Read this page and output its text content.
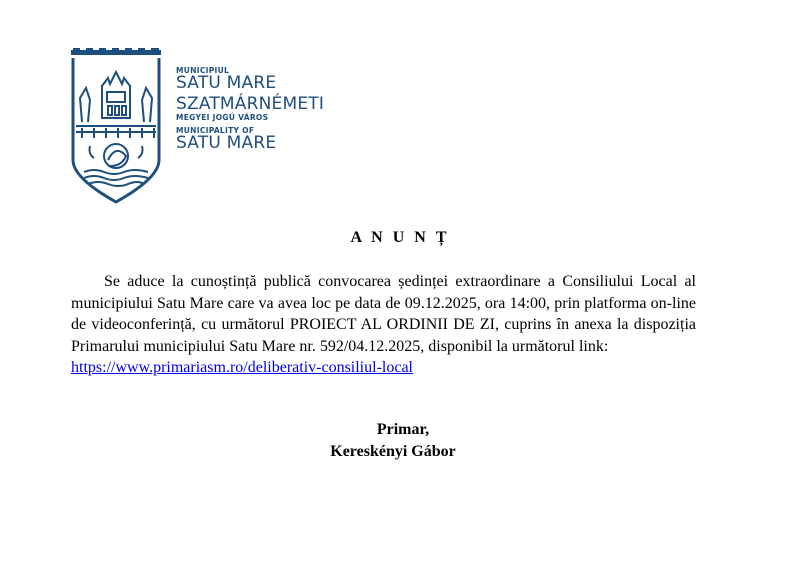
MUNICIPIUL
SATU MARE
SZATMÁRNÉMETI
MEGYEI JOGÚ VÁROS
MUNICIPALITY OF
SATU MARE
A N U N Ț
Se aduce la cunoștință publică convocarea ședinței extraordinare a Consiliului Local al municipiului Satu Mare care va avea loc pe data de 09.12.2025, ora 14:00, prin platforma on-line de videoconferință, cu următorul PROIECT AL ORDINII DE ZI, cuprins în anexa la dispoziția Primarului municipiului Satu Mare nr. 592/04.12.2025, disponibil la următorul link:
https://www.primariasm.ro/deliberativ-consiliul-local
Primar,
Kereskényi Gábor
